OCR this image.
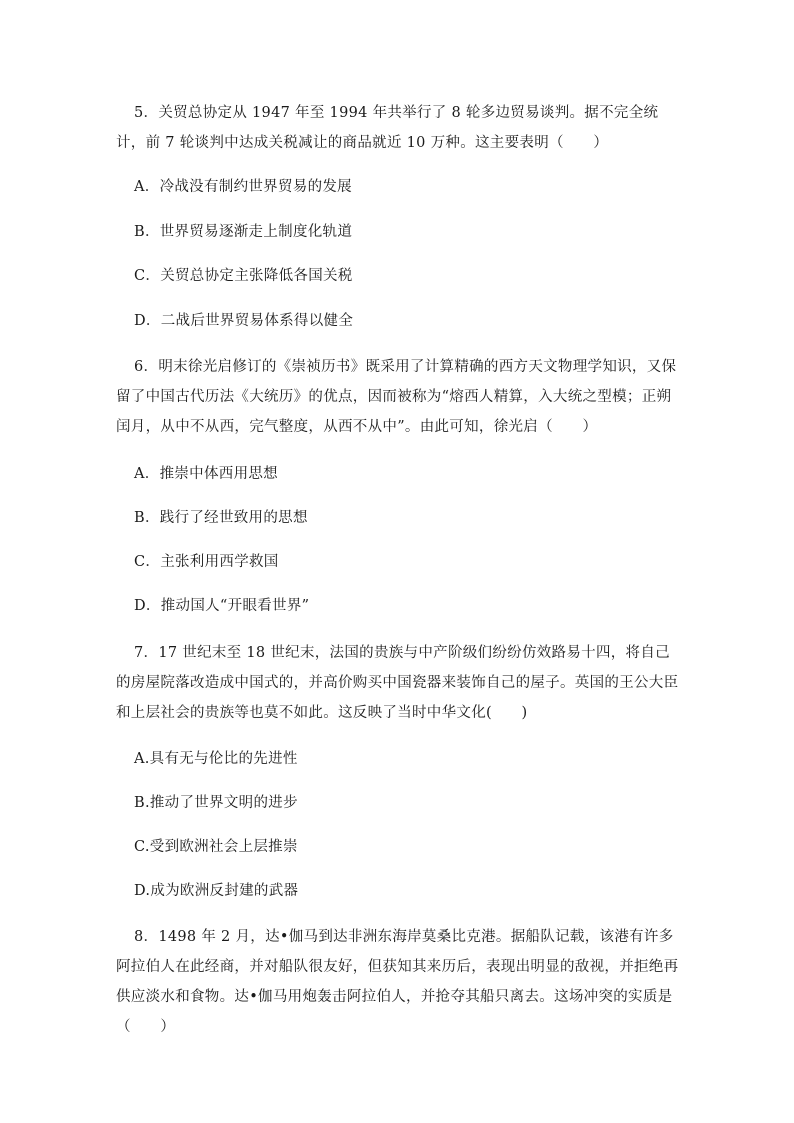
5．关贸总协定从 1947 年至 1994 年共举行了 8 轮多边贸易谈判。据不完全统计，前 7 轮谈判中达成关税减让的商品就近 10 万种。这主要表明（　　）

A．冷战没有制约世界贸易的发展

B．世界贸易逐渐走上制度化轨道

C．关贸总协定主张降低各国关税

D．二战后世界贸易体系得以健全

6．明末徐光启修订的《崇祯历书》既采用了计算精确的西方天文物理学知识，又保留了中国古代历法《大统历》的优点，因而被称为“熔西人精算，入大统之型模；正朔闰月，从中不从西，完气整度，从西不从中”。由此可知，徐光启（　　）

A．推崇中体西用思想

B．践行了经世致用的思想

C．主张利用西学救国

D．推动国人“开眼看世界”

7．17 世纪末至 18 世纪末，法国的贵族与中产阶级们纷纷仿效路易十四，将自己的房屋院落改造成中国式的，并高价购买中国瓷器来装饰自己的屋子。英国的王公大臣和上层社会的贵族等也莫不如此。这反映了当时中华文化(　　)

A.具有无与伦比的先进性

B.推动了世界文明的进步

C.受到欧洲社会上层推崇

D.成为欧洲反封建的武器

8．1498 年 2 月，达•伽马到达非洲东海岸莫桑比克港。据船队记载，该港有许多阿拉伯人在此经商，并对船队很友好，但获知其来历后，表现出明显的敌视，并拒绝再供应淡水和食物。达•伽马用炮轰击阿拉伯人，并抢夺其船只离去。这场冲突的实质是（　　）
